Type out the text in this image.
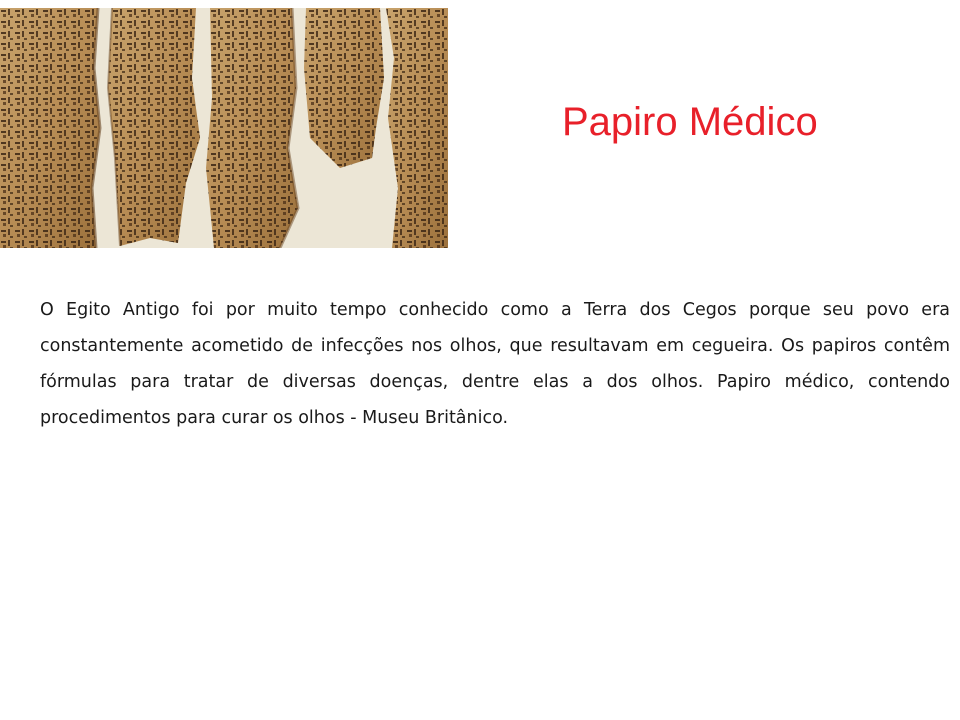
Papiro Médico

O Egito Antigo foi por muito tempo conhecido como a Terra dos Cegos porque seu povo era constantemente acometido de infecções nos olhos, que resultavam em cegueira. Os papiros contêm fórmulas para tratar de diversas doenças, dentre elas a dos olhos. Papiro médico, contendo procedimentos para curar os olhos - Museu Britânico.
